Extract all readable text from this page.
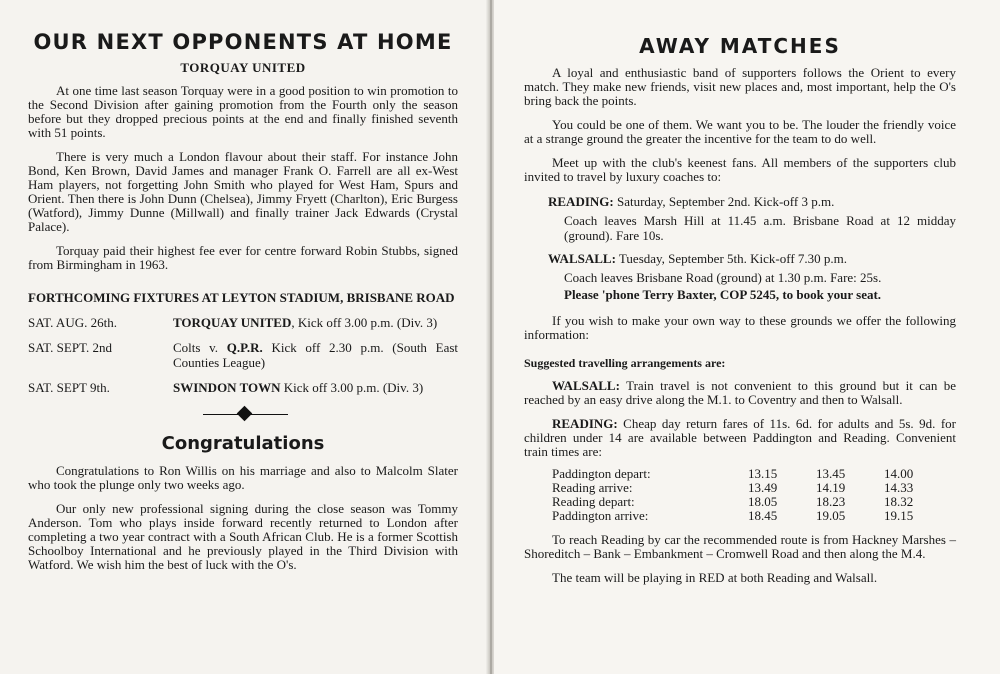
OUR NEXT OPPONENTS AT HOME
TORQUAY UNITED

At one time last season Torquay were in a good position to win promotion to the Second Division after gaining promotion from the Fourth only the season before but they dropped precious points at the end and finally finished seventh with 51 points.

There is very much a London flavour about their staff. For instance John Bond, Ken Brown, David James and manager Frank O. Farrell are all ex-West Ham players, not forgetting John Smith who played for West Ham, Spurs and Orient. Then there is John Dunn (Chelsea), Jimmy Fryett (Charlton), Eric Burgess (Watford), Jimmy Dunne (Millwall) and finally trainer Jack Edwards (Crystal Palace).

Torquay paid their highest fee ever for centre forward Robin Stubbs, signed from Birmingham in 1963.

FORTHCOMING FIXTURES AT LEYTON STADIUM, BRISBANE ROAD
SAT. AUG. 26th.	TORQUAY UNITED, Kick off 3.00 p.m. (Div. 3)
SAT. SEPT. 2nd	Colts v. Q.P.R. Kick off 2.30 p.m. (South East Counties League)
SAT. SEPT 9th.	SWINDON TOWN Kick off 3.00 p.m. (Div. 3)
Congratulations

Congratulations to Ron Willis on his marriage and also to Malcolm Slater who took the plunge only two weeks ago.

Our only new professional signing during the close season was Tommy Anderson. Tom who plays inside forward recently returned to London after completing a two year contract with a South African Club. He is a former Scottish Schoolboy International and he previously played in the Third Division with Watford. We wish him the best of luck with the O's.

AWAY MATCHES

A loyal and enthusiastic band of supporters follows the Orient to every match. They make new friends, visit new places and, most important, help the O's bring back the points.

You could be one of them. We want you to be. The louder the friendly voice at a strange ground the greater the incentive for the team to do well.

Meet up with the club's keenest fans. All members of the supporters club invited to travel by luxury coaches to:

READING: Saturday, September 2nd. Kick-off 3 p.m.
Coach leaves Marsh Hill at 11.45 a.m. Brisbane Road at 12 midday (ground). Fare 10s.
WALSALL: Tuesday, September 5th. Kick-off 7.30 p.m.
Coach leaves Brisbane Road (ground) at 1.30 p.m. Fare: 25s.
Please 'phone Terry Baxter, COP 5245, to book your seat.

If you wish to make your own way to these grounds we offer the following information:

Suggested travelling arrangements are:

WALSALL: Train travel is not convenient to this ground but it can be reached by an easy drive along the M.1. to Coventry and then to Walsall.

READING: Cheap day return fares of 11s. 6d. for adults and 5s. 9d. for children under 14 are available between Paddington and Reading. Convenient train times are:

Paddington depart:	13.15	13.45	14.00
Reading arrive:	13.49	14.19	14.33
Reading depart:	18.05	18.23	18.32
Paddington arrive:	18.45	19.05	19.15

To reach Reading by car the recommended route is from Hackney Marshes – Shoreditch – Bank – Embankment – Cromwell Road and then along the M.4.

The team will be playing in RED at both Reading and Walsall.
